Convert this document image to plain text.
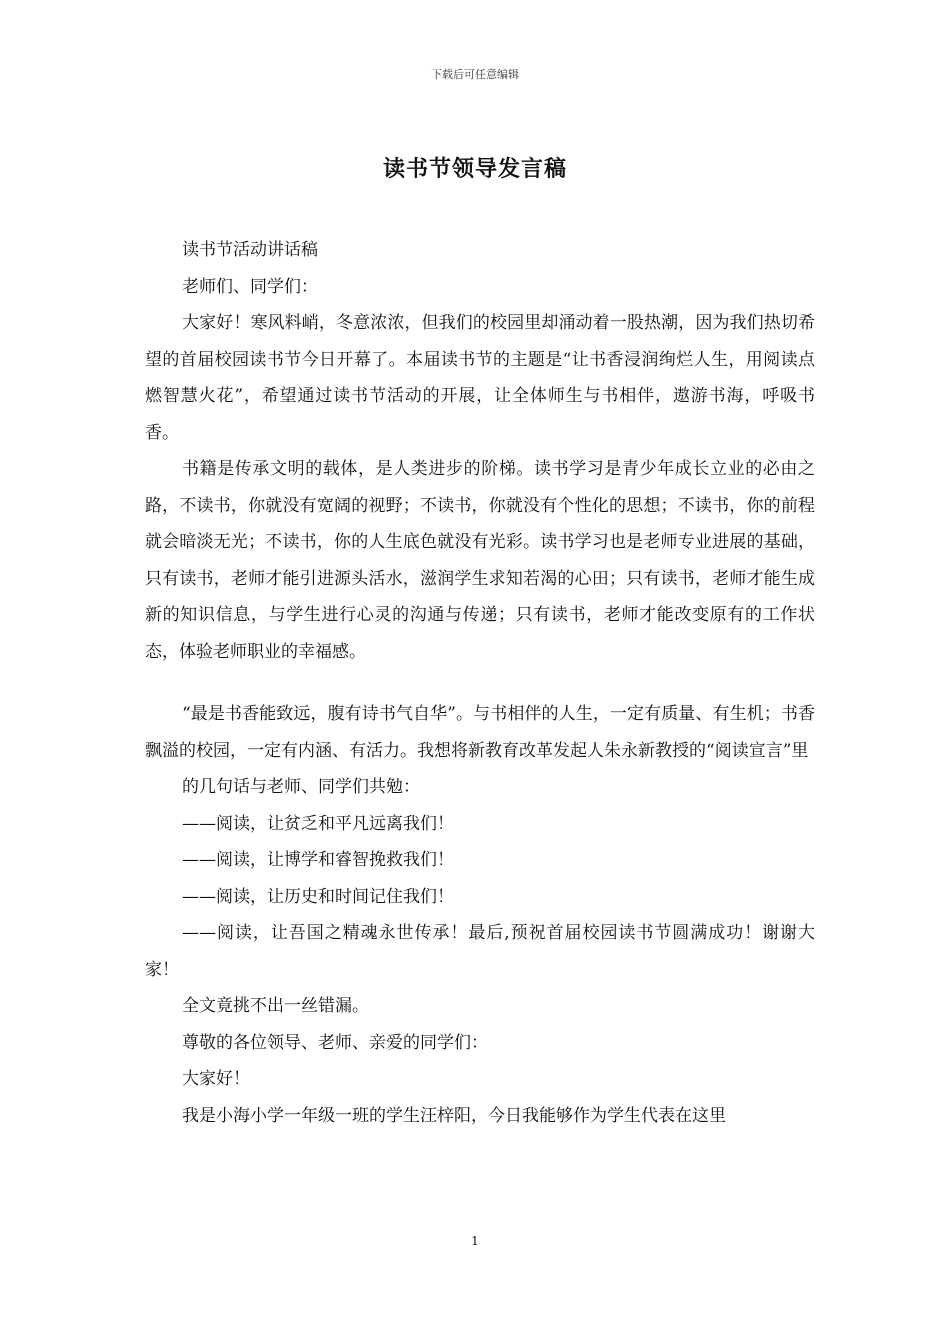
下载后可任意编辑
读书节领导发言稿

读书节活动讲话稿

老师们、同学们：

大家好！寒风料峭，冬意浓浓，但我们的校园里却涌动着一股热潮，因为我们热切希望的首届校园读书节今日开幕了。本届读书节的主题是“让书香浸润绚烂人生，用阅读点燃智慧火花”，希望通过读书节活动的开展，让全体师生与书相伴，遨游书海，呼吸书香。

书籍是传承文明的载体，是人类进步的阶梯。读书学习是青少年成长立业的必由之路，不读书，你就没有宽阔的视野；不读书，你就没有个性化的思想；不读书，你的前程就会暗淡无光；不读书，你的人生底色就没有光彩。读书学习也是老师专业进展的基础，只有读书，老师才能引进源头活水，滋润学生求知若渴的心田；只有读书，老师才能生成新的知识信息，与学生进行心灵的沟通与传递；只有读书，老师才能改变原有的工作状态，体验老师职业的幸福感。

“最是书香能致远，腹有诗书气自华”。与书相伴的人生，一定有质量、有生机；书香飘溢的校园，一定有内涵、有活力。我想将新教育改革发起人朱永新教授的“阅读宣言”里

的几句话与老师、同学们共勉：

——阅读，让贫乏和平凡远离我们！

——阅读，让博学和睿智挽救我们！

——阅读，让历史和时间记住我们！

——阅读，让吾国之精魂永世传承！最后,预祝首届校园读书节圆满成功！谢谢大家！

全文竟挑不出一丝错漏。

尊敬的各位领导、老师、亲爱的同学们：

大家好！

我是小海小学一年级一班的学生汪梓阳，今日我能够作为学生代表在这里

1
